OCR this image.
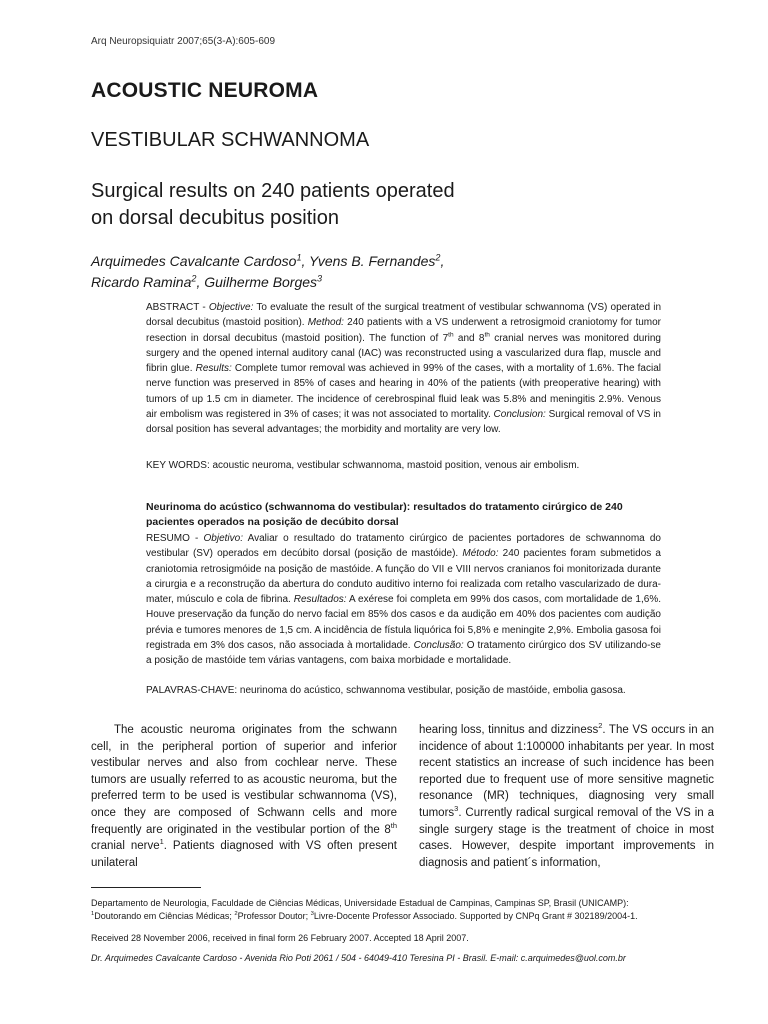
Arq Neuropsiquiatr 2007;65(3-A):605-609
ACOUSTIC NEUROMA
VESTIBULAR SCHWANNOMA
Surgical results on 240 patients operated
on dorsal decubitus position
Arquimedes Cavalcante Cardoso$^1$, Yvens B. Fernandes$^2$,
Ricardo Ramina$^2$, Guilherme Borges$^3$
ABSTRACT - Objective: To evaluate the result of the surgical treatment of vestibular schwannoma (VS) operated in dorsal decubitus (mastoid position). Method: 240 patients with a VS underwent a retrosigmoid craniotomy for tumor resection in dorsal decubitus (mastoid position). The function of 7th and 8th cranial nerves was monitored during surgery and the opened internal auditory canal (IAC) was reconstructed using a vascularized dura flap, muscle and fibrin glue. Results: Complete tumor removal was achieved in 99% of the cases, with a mortality of 1.6%. The facial nerve function was preserved in 85% of cases and hearing in 40% of the patients (with preoperative hearing) with tumors of up 1.5 cm in diameter. The incidence of cerebrospinal fluid leak was 5.8% and meningitis 2.9%. Venous air embolism was registered in 3% of cases; it was not associated to mortality. Conclusion: Surgical removal of VS in dorsal position has several advantages; the morbidity and mortality are very low.
KEY WORDS: acoustic neuroma, vestibular schwannoma, mastoid position, venous air embolism.
Neurinoma do acústico (schwannoma do vestibular): resultados do tratamento cirúrgico de 240 pacientes operados na posição de decúbito dorsal
RESUMO - Objetivo: Avaliar o resultado do tratamento cirúrgico de pacientes portadores de schwannoma do vestibular (SV) operados em decúbito dorsal (posição de mastóide). Método: 240 pacientes foram submetidos a craniotomia retrosigmóide na posição de mastóide. A função do VII e VIII nervos cranianos foi monitorizada durante a cirurgia e a reconstrução da abertura do conduto auditivo interno foi realizada com retalho vascularizado de dura-mater, músculo e cola de fibrina. Resultados: A exérese foi completa em 99% dos casos, com mortalidade de 1,6%. Houve preservação da função do nervo facial em 85% dos casos e da audição em 40% dos pacientes com audição prévia e tumores menores de 1,5 cm. A incidência de fístula liquórica foi 5,8% e meningite 2,9%. Embolia gasosa foi registrada em 3% dos casos, não associada à mortalidade. Conclusão: O tratamento cirúrgico dos SV utilizando-se a posição de mastóide tem várias vantagens, com baixa morbidade e mortalidade.
PALAVRAS-CHAVE: neurinoma do acústico, schwannoma vestibular, posição de mastóide, embolia gasosa.
  The acoustic neuroma originates from the schwann cell, in the peripheral portion of superior and inferior vestibular nerves and also from cochlear nerve. These tumors are usually referred to as acoustic neuroma, but the preferred term to be used is vestibular schwannoma (VS), once they are composed of Schwann cells and more frequently are originated in the vestibular portion of the 8th cranial nerve$^1$. Patients diagnosed with VS often present unilateral
hearing loss, tinnitus and dizziness$^2$. The VS occurs in an incidence of about 1:100000 inhabitants per year. In most recent statistics an increase of such incidence has been reported due to frequent use of more sensitive magnetic resonance (MR) techniques, diagnosing very small tumors$^3$. Currently radical surgical removal of the VS in a single surgery stage is the treatment of choice in most cases. However, despite important improvements in diagnosis and patient´s information,
Departamento de Neurologia, Faculdade de Ciências Médicas, Universidade Estadual de Campinas, Campinas SP, Brasil (UNICAMP):
$^1$Doutorando em Ciências Médicas; $^2$Professor Doutor; $^3$Livre-Docente Professor Associado. Supported by CNPq Grant # 302189/2004-1.
Received 28 November 2006, received in final form 26 February 2007. Accepted 18 April 2007.
Dr. Arquimedes Cavalcante Cardoso - Avenida Rio Poti 2061 / 504 - 64049-410 Teresina PI - Brasil. E-mail: c.arquimedes@uol.com.br
